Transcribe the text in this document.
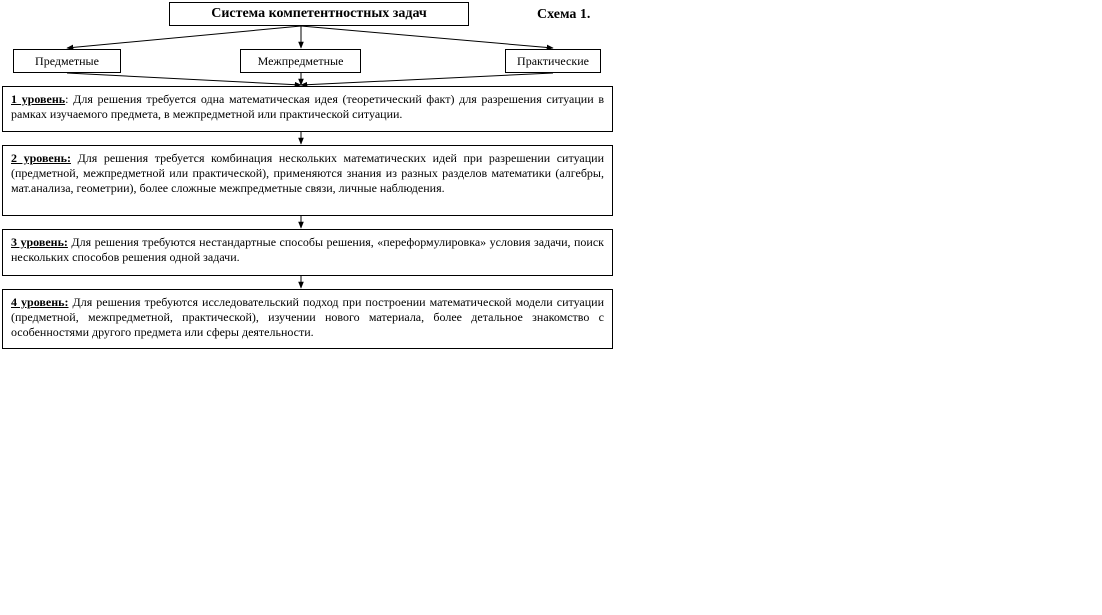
Система компетентностных задач	Схема 1.
Предметные	Межпредметные	Практические
1 уровень: Для решения требуется одна математическая идея (теоретический факт) для разрешения ситуации в рамках изучаемого предмета, в межпредметной или практической ситуации.
2 уровень: Для решения требуется комбинация нескольких математических идей при разрешении ситуации (предметной, межпредметной или практической), применяются знания из разных разделов математики (алгебры, мат.анализа, геометрии), более сложные межпредметные связи, личные наблюдения.
3 уровень: Для решения требуются нестандартные способы решения, «переформулировка» условия задачи, поиск нескольких способов решения одной задачи.
4 уровень: Для решения требуются исследовательский подход при построении математической модели ситуации (предметной, межпредметной, практической), изучении нового материала, более детальное знакомство с особенностями другого предмета или сферы деятельности.
